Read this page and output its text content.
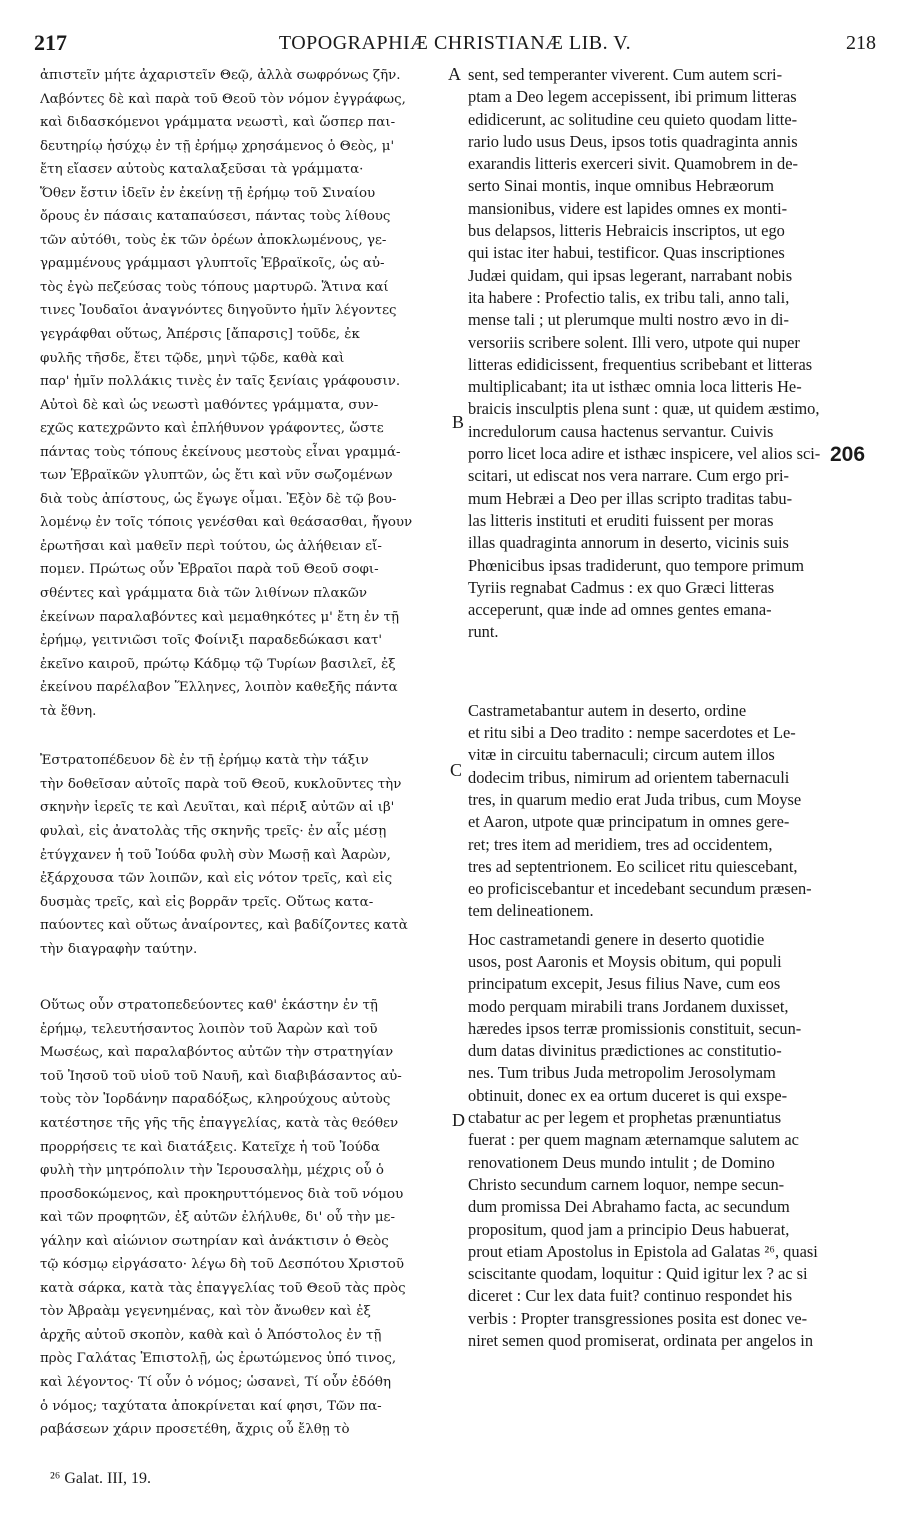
217	TOPOGRAPHIÆ CHRISTIANÆ LIB. V.	218
ἀπιστεῖν μήτε ἀχαριστεῖν Θεῷ, ἀλλὰ σωφρόνως ζῆν.
Λαβόντες δὲ καὶ παρὰ τοῦ Θεοῦ τὸν νόμον ἐγγράφως,
καὶ διδασκόμενοι γράμματα νεωστὶ, καὶ ὥσπερ παι-
δευτηρίῳ ἡσύχῳ ἐν τῇ ἐρήμῳ χρησάμενος ὁ Θεὸς, μ'
ἔτη εἴασεν αὐτοὺς καταλαξεῦσαι τὰ γράμματα·
Ὅθεν ἔστιν ἰδεῖν ἐν ἐκείνῃ τῇ ἐρήμῳ τοῦ Σιναίου
ὄρους ἐν πάσαις καταπαύσεσι, πάντας τοὺς λίθους
τῶν αὐτόθι, τοὺς ἐκ τῶν ὀρέων ἀποκλωμένους, γε-
γραμμένους γράμμασι γλυπτοῖς Ἑβραϊκοῖς, ὡς αὐ-
τὸς ἐγὼ πεζεύσας τοὺς τόπους μαρτυρῶ. Ἅτινα καί
τινες Ἰουδαῖοι ἀναγνόντες διηγοῦντο ἡμῖν λέγοντες
γεγράφθαι οὕτως, Ἀπέρσις [ἄπαρσις] τοῦδε, ἐκ
φυλῆς τῆσδε, ἔτει τῷδε, μηνὶ τῷδε, καθὰ καὶ
παρ' ἡμῖν πολλάκις τινὲς ἐν ταῖς ξενίαις γράφουσιν.
Αὐτοὶ δὲ καὶ ὡς νεωστὶ μαθόντες γράμματα, συν-
εχῶς κατεχρῶντο καὶ ἐπλήθυνον γράφοντες, ὥστε
πάντας τοὺς τόπους ἐκείνους μεστοὺς εἶναι γραμμά-
των Ἑβραϊκῶν γλυπτῶν, ὡς ἔτι καὶ νῦν σωζομένων
διὰ τοὺς ἀπίστους, ὡς ἔγωγε οἶμαι. Ἐξὸν δὲ τῷ βου-
λομένῳ ἐν τοῖς τόποις γενέσθαι καὶ θεάσασθαι, ἤγουν
ἐρωτῆσαι καὶ μαθεῖν περὶ τούτου, ὡς ἀλήθειαν εἴ-
πομεν. Πρώτως οὖν Ἑβραῖοι παρὰ τοῦ Θεοῦ σοφι-
σθέντες καὶ γράμματα διὰ τῶν λιθίνων πλακῶν
ἐκείνων παραλαβόντες καὶ μεμαθηκότες μ' ἔτη ἐν τῇ
ἐρήμῳ, γειτνιῶσι τοῖς Φοίνιξι παραδεδώκασι κατ'
ἐκεῖνο καιροῦ, πρώτῳ Κάδμῳ τῷ Τυρίων βασιλεῖ, ἐξ
ἐκείνου παρέλαβον Ἕλληνες, λοιπὸν καθεξῆς πάντα
τὰ ἔθνη.
Ἐστρατοπέδευον δὲ ἐν τῇ ἐρήμῳ κατὰ τὴν τάξιν
τὴν δοθεῖσαν αὐτοῖς παρὰ τοῦ Θεοῦ, κυκλοῦντες τὴν
σκηνὴν ἱερεῖς τε καὶ Λευῖται, καὶ πέριξ αὐτῶν αἱ ιβ'
φυλαὶ, εἰς ἀνατολὰς τῆς σκηνῆς τρεῖς· ἐν αἷς μέσῃ
ἐτύγχανεν ἡ τοῦ Ἰούδα φυλὴ σὺν Μωσῇ καὶ Ἀαρὼν,
ἐξάρχουσα τῶν λοιπῶν, καὶ εἰς νότον τρεῖς, καὶ εἰς
δυσμὰς τρεῖς, καὶ εἰς βορρᾶν τρεῖς. Οὕτως κατα-
παύοντες καὶ οὕτως ἀναίροντες, καὶ βαδίζοντες κατὰ
τὴν διαγραφὴν ταύτην.
Οὕτως οὖν στρατοπεδεύοντες καθ' ἑκάστην ἐν τῇ
ἐρήμῳ, τελευτήσαντος λοιπὸν τοῦ Ἀαρὼν καὶ τοῦ
Μωσέως, καὶ παραλαβόντος αὐτῶν τὴν στρατηγίαν
τοῦ Ἰησοῦ τοῦ υἱοῦ τοῦ Ναυῆ, καὶ διαβιβάσαντος αὐ-
τοὺς τὸν Ἰορδάνην παραδόξως, κληρούχους αὐτοὺς
κατέστησε τῆς γῆς τῆς ἐπαγγελίας, κατὰ τὰς θεόθεν
προρρήσεις τε καὶ διατάξεις. Κατεῖχε ἡ τοῦ Ἰούδα
φυλὴ τὴν μητρόπολιν τὴν Ἱερουσαλὴμ, μέχρις οὗ ὁ
προσδοκώμενος, καὶ προκηρυττόμενος διὰ τοῦ νόμου
καὶ τῶν προφητῶν, ἐξ αὐτῶν ἐλήλυθε, δι' οὗ τὴν με-
γάλην καὶ αἰώνιον σωτηρίαν καὶ ἀνάκτισιν ὁ Θεὸς
τῷ κόσμῳ εἰργάσατο· λέγω δὴ τοῦ Δεσπότου Χριστοῦ
κατὰ σάρκα, κατὰ τὰς ἐπαγγελίας τοῦ Θεοῦ τὰς πρὸς
τὸν Ἀβραὰμ γεγενημένας, καὶ τὸν ἄνωθεν καὶ ἐξ
ἀρχῆς αὐτοῦ σκοπὸν, καθὰ καὶ ὁ Ἀπόστολος ἐν τῇ
πρὸς Γαλάτας Ἐπιστολῇ, ὡς ἐρωτώμενος ὑπό τινος,
καὶ λέγοντος· Τί οὖν ὁ νόμος; ὡσανεὶ, Τί οὖν ἐδόθη
ὁ νόμος; ταχύτατα ἀποκρίνεται καί φησι, Τῶν πα-
ραβάσεων χάριν προσετέθη, ἄχρις οὗ ἔλθῃ τὸ
sent, sed temperanter viverent. Cum autem scri-
ptam a Deo legem accepissent, ibi primum litteras
edidicerunt, ac solitudine ceu quieto quodam litte-
rario ludo usus Deus, ipsos totis quadraginta annis
exarandis litteris exerceri sivit. Quamobrem in de-
serto Sinai montis, inque omnibus Hebræorum
mansionibus, videre est lapides omnes ex monti-
bus delapsos, litteris Hebraicis inscriptos, ut ego
qui istac iter habui, testificor. Quas inscriptiones
Judæi quidam, qui ipsas legerant, narrabant nobis
ita habere : Profectio talis, ex tribu tali, anno tali,
mense tali ; ut plerumque multi nostro ævo in di-
versoriis scribere solent. Illi vero, utpote qui nuper
litteras edidicissent, frequentius scribebant et litteras
multiplicabant; ita ut isthæc omnia loca litteris He-
braicis insculptis plena sunt : quæ, ut quidem æstimo,
incredulorum causa hactenus servantur. Cuivis
porro licet loca adire et isthæc inspicere, vel alios sci-
scitari, ut ediscat nos vera narrare. Cum ergo pri-
mum Hebræi a Deo per illas scripto traditas tabu-
las litteris instituti et eruditi fuissent per moras
illas quadraginta annorum in deserto, vicinis suis
Phœnicibus ipsas tradiderunt, quo tempore primum
Tyriis regnabat Cadmus : ex quo Græci litteras
acceperunt, quæ inde ad omnes gentes emana-
runt.
Castrametabantur autem in deserto, ordine
et ritu sibi a Deo tradito : nempe sacerdotes et Le-
vitæ in circuitu tabernaculi; circum autem illos
dodecim tribus, nimirum ad orientem tabernaculi
tres, in quarum medio erat Juda tribus, cum Moyse
et Aaron, utpote quæ principatum in omnes gere-
ret; tres item ad meridiem, tres ad occidentem,
tres ad septentrionem. Eo scilicet ritu quiescebant,
eo proficiscebantur et incedebant secundum præsen-
tem delineationem.
Hoc castrametandi genere in deserto quotidie
usos, post Aaronis et Moysis obitum, qui populi
principatum excepit, Jesus filius Nave, cum eos
modo perquam mirabili trans Jordanem duxisset,
hæredes ipsos terræ promissionis constituit, secun-
dum datas divinitus prædictiones ac constitutio-
nes. Tum tribus Juda metropolim Jerosolymam
obtinuit, donec ex ea ortum duceret is qui exspe-
ctabatur ac per legem et prophetas prænuntiatus
fuerat : per quem magnam æternamque salutem ac
renovationem Deus mundo intulit ; de Domino
Christo secundum carnem loquor, nempe secun-
dum promissa Dei Abrahamo facta, ac secundum
propositum, quod jam a principio Deus habuerat,
prout etiam Apostolus in Epistola ad Galatas ²⁶, quasi
sciscitante quodam, loquitur : Quid igitur lex ? ac si
diceret : Cur lex data fuit? continuo respondet his
verbis : Propter transgressiones posita est donec ve-
niret semen quod promiserat, ordinata per angelos in
A
B
C
D
206
²⁶ Galat. III, 19.
